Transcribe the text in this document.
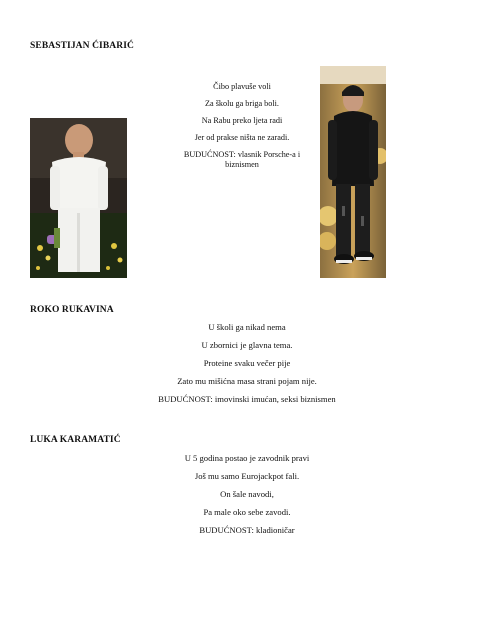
SEBASTIJAN ĆIBARIĆ
Čibo plavuše voli
Za školu ga briga boli.
Na Rabu preko ljeta radi
Jer od prakse ništa ne zaradi.
BUDUĆNOST: vlasnik Porsche-a i
biznismen
ROKO RUKAVINA
U školi ga nikad nema
U zbornici je glavna tema.
Proteine svaku večer pije
Zato mu mišićna masa strani pojam nije.
BUDUĆNOST: imovinski imućan, seksi biznismen
LUKA KARAMATIĆ
U 5 godina postao je zavodnik pravi
Još mu samo Eurojackpot fali.
On šale navodi,
Pa male oko sebe zavodi.
BUDUĆNOST: kladioničar
